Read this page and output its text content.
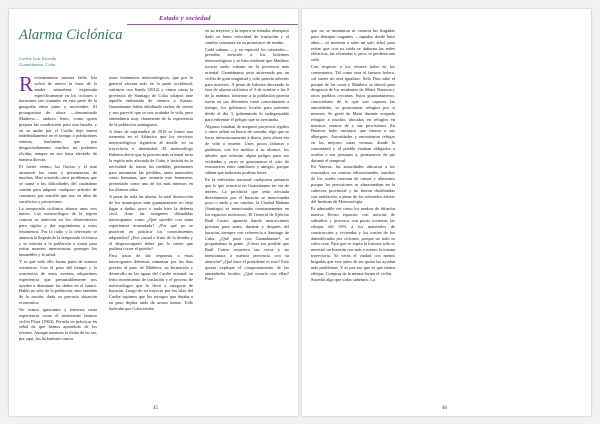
Estado y sociedad
Alarma Ciclónica
Carlos Luis Estrada
Guantánamo, Cuba

Recientemente nuestra bella Isla sufrió de nuevo la furia de la madre naturaleza expresada específicamente en los ciclones o huracanes tan comunes en esta parte de la geografía entre junio y noviembre. El protagonista de ahora —denominado Matthew— anduvo lento, como quien prepara las condiciones para una batalla, y en su andar por el Caribe dejó nueva indefinidamente en el tiempo a poblaciones enteras, fenómeno, que por desgraciadamente, muchos no podemos olvidar, aunque no nos haya afectado de manera directa.

El fuerte viento, las lluvias y el mar arrasaron las casas y pertenencias de muchos. Han ocurrido otros problemas que se suma a las dificultades del ciudadano común para adquirir cualquier artículo de consumo, por sencillo que sea, en años de sacrificios y privaciones.

La temporada ciclónica abarca unos seis meses. Los meteorólogos de la región centran su atención en los observatorios para vigilar y dar seguimiento a estos fenómenos. Por la radio y la televisión se anuncia la llegada de la temporada ciclónica y se exhorta a la población a tomar para evitar muertes innecesarias, proteger los inmuebles y la salud.

Y es que todo ello forma parte de nuestra existencia. Con el paso del tiempo y la ocurrencia de estos eventos adquirimos experiencia que presumiblemente nos ayuden a disminuir los daños en el futuro. Hablo no sólo de la población, sino también de la nación, dada su precaria situación económica.

No somos ignorantes y tenemos vasta experiencia como el tristemente famoso ciclón Flora (1963). Peruela en prácticas en señal de que hemos aprendido de los reveses. Aunque tenemos la dicha de no ser, por aquí, los luchadores contra

estos fenómenos meteorológicos, que por lo general afectan más en la parte occidental, sufrimos con Sandy (2012) y vimos cómo la provincia de Santiago de Cuba colapsó ante aquella embestida de vientos y lluvias. Guantánamo había debilitado rachas de viento y nos pareció que se nos acababa la vida, pero entendimos muy claramente de la experiencia de la población santiaguera.

A fines de septiembre de 2016 se formó una tormenta en el Atlántico que los servicios meteorológicos siguieron al detalle en su trayectoria e intensidad. El meteorólogo Rubiera alertó que la porción más oriental sería la región más afectada de Cuba, e insistió en la necesidad de tomar las medidas pertinentes para minimizar las pérdidas, tanto materiales como humanas, que causaría este fenómeno, presentado como uno de los más intensos en los últimos años.

A pesar de toda las alertas, la total destrucción de los municipios más guantanamero no dejó lugar a dudas: poco o nada hizo la defensa civil. Ante las imágenes difundidas interrogantes como ¿Qué sucedió con tanta experiencia acumulada? ¿Por qué no se pusieron en práctica los conocimientos adquiridos? ¿Fue casual o fruto de la desidia y el despreocupado deber por la suerte que pudiera correr el pueblo?

Para tratar de dar respuesta a estas interrogantes debemos comenzar por los días previos al paso de Matthew, su formación y desarrollo en las aguas del Caribe oriental, su lento movimiento de traslación y el proceso de meteorólogos que lo llevó a categoría de huracán. Luego de su trayecto por las islas del Caribe supimos que los estragos que dejaba a su paso dejaba atrás de arrasa tumas. Todo indicaba que Cuba estaba

en su trayecto y la espera se tornaba desespero dado su lenta velocidad de traslación y el cambio constante en su pronóstico de rumbo.

Cada cubano —y en especial los orientales— prestaba atención a los boletines meteorológicos y se hizo evidente que Matthew tocaría suelo cubano en la provincia más oriental. Guantánamo sería atravesado por un ciclón de gran magnitud y todo parecía advertir para nosotros. A pesar de haberse decretado la fase de alarma ciclónica el 3 de octubre a las 9 de la mañana, informar a la población parecía inerte en sus diferentes tomó conocimiento a tiempo, los gobiernos locales para prevenir desde el día 3, gobernando lo indispensable para enfrentar el peligro que se avecinaba.

Algunos trataban de asegurar proyectos rígidos y otros salían en busca de comida, algo que se hacía infructuosamente a diario, pero ahora era de vida o muerte. Unos pocos faltaron o pudieron, con los medios a su alcance, los árboles que ofrecían algún peligro para sus viviendas y otros se gestionaron el sitio de evacuación entre familiares y amigos, porque sabían que nada más podrían hacer.

En la televisión nacional cualquiera pensaría que lo que ocurriría en Guantánamo no era de interés. La provincia que sería afectada directamente por el huracán se mencionaba poco o nada y, en cambio, la Ciudad Habana (Santiago) se mencionaba constantemente en los espacios noticiosos. El General de Ejército Raúl Castro aparecía dando instrucciones precisas para antes, durante y después del huracán, siempre con referencia a Santiago de Cuba. ¿Qué pasó con Guantánamo?, se preguntaban la gente. ¿Cómo era posible que Raúl Castro estuviera tan cerca y no mencionara a nuestra provincia con su atención? ¿Qué hace el presidente es esto? Esto quizás explique el comportamiento de las autoridades locales. ¿Qué ocurría con ellas? Pues

45

que no se inmutaron ni crearon las brigadas para destapar tragantes —tapados desde hace años— ni tuvieron a talar un solo árbol para evitar que con su caída se dañaran las redes eléctricas, las viviendas o, peor, se perdiera una vida.

Con respecto a los víveres hubo en los comentarios. Tal como reza el famoso bolero, «el suerte no será igualita». Sólo Dios sabe el porqué de las cosas y Matthew se desvió para desgracia de los residentes de Maisí, Baracoa y otros pueblos cercanos. Estos guantanameros, conocedores de lo que son capaces las autoridades, se gestionaron refugios por sí mismos. Se gestó de Maisí durante ocupado refugiar a muchos ubicados en refugios en nuestros centros de y sus provisiones. En Baracoa hubo ancianos que fueron a sus albergues. Autoridades y encontraron refugio en las mejores casas vecinas, donde la comunidad y el pueblo estaban obligados a ocultar a sus personas y, permanecer de pie durante el temporal.

En Yateras, las autoridades ubicaron a los evacuados en centros educacionales, muchos de los cuales carecían de camas y alimentos porque las provisiones se almacenaban en la cabecera provincial y no fueron distribuidas con antelación, a pesar de los reiterados alertas del Instituto de Meteorología.

Es admirable ver como los medios de difusión masiva llevan espacios con noticias de subsidios y procesos con pocas rocieron, las rebajas del 50% a los materiales de construcción y viviendas y los trastes de los damnificados por ciclones, porque no todo es color rosa. Para que se repita la historia sólo se necesitó un huracán con más o menos la misma trayectoria. Ya verás el ciudad con menos brigadas que este antes de ser quien las ayudan más problemas. Y es por eso que sé que tienen rebajas. Comprar de la misma forma el ciclón.

Sucedió algo que todos sabemos. La

46
